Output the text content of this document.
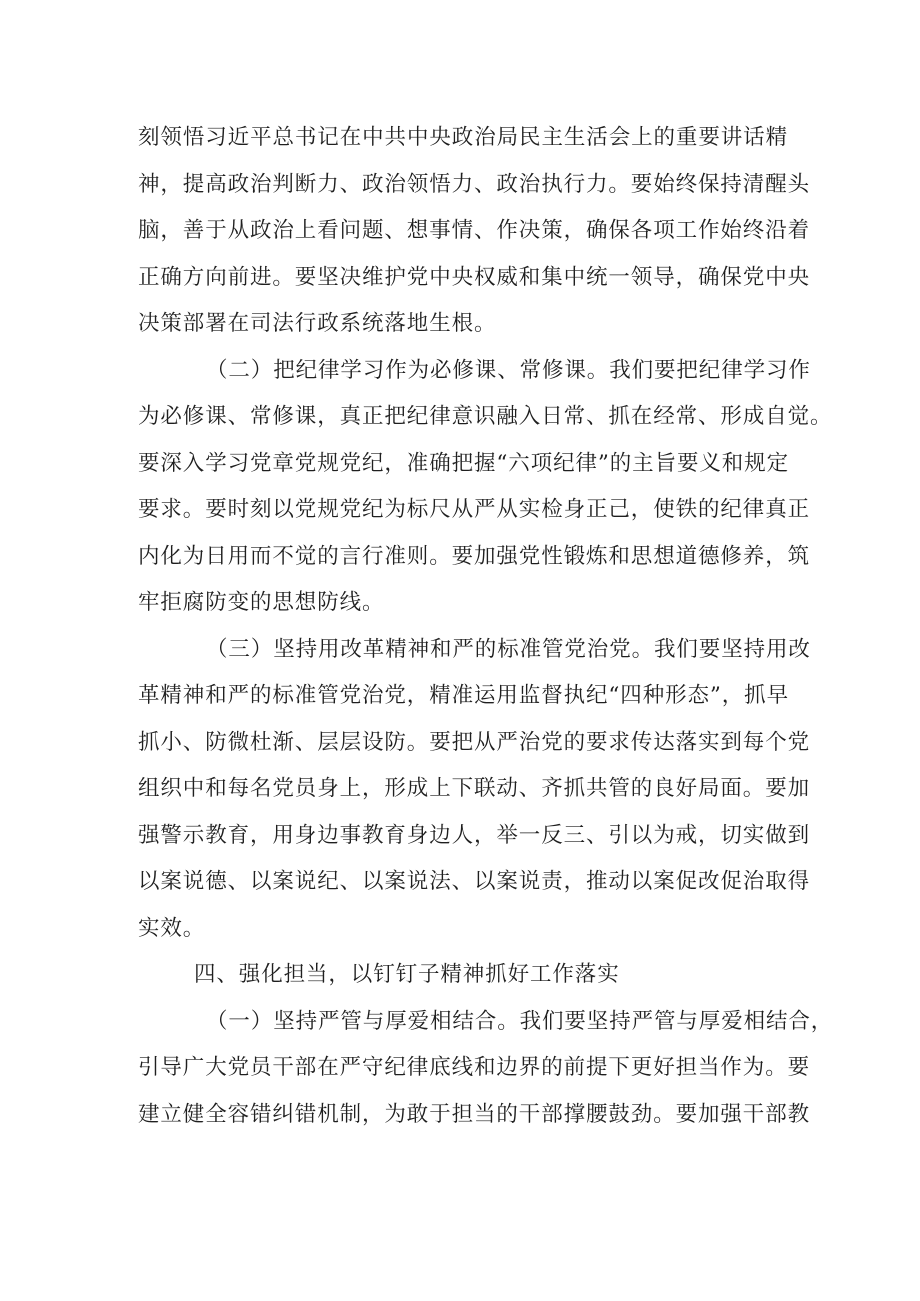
刻领悟习近平总书记在中共中央政治局民主生活会上的重要讲话精
神，提高政治判断力、政治领悟力、政治执行力。要始终保持清醒头
脑，善于从政治上看问题、想事情、作决策，确保各项工作始终沿着
正确方向前进。要坚决维护党中央权威和集中统一领导，确保党中央
决策部署在司法行政系统落地生根。
（二）把纪律学习作为必修课、常修课。我们要把纪律学习作
为必修课、常修课，真正把纪律意识融入日常、抓在经常、形成自觉。
要深入学习党章党规党纪，准确把握“六项纪律”的主旨要义和规定
要求。要时刻以党规党纪为标尺从严从实检身正己，使铁的纪律真正
内化为日用而不觉的言行准则。要加强党性锻炼和思想道德修养，筑
牢拒腐防变的思想防线。
（三）坚持用改革精神和严的标准管党治党。我们要坚持用改
革精神和严的标准管党治党，精准运用监督执纪“四种形态”，抓早
抓小、防微杜渐、层层设防。要把从严治党的要求传达落实到每个党
组织中和每名党员身上，形成上下联动、齐抓共管的良好局面。要加
强警示教育，用身边事教育身边人，举一反三、引以为戒，切实做到
以案说德、以案说纪、以案说法、以案说责，推动以案促改促治取得
实效。
四、强化担当，以钉钉子精神抓好工作落实
（一）坚持严管与厚爱相结合。我们要坚持严管与厚爱相结合，
引导广大党员干部在严守纪律底线和边界的前提下更好担当作为。要
建立健全容错纠错机制，为敢于担当的干部撑腰鼓劲。要加强干部教
